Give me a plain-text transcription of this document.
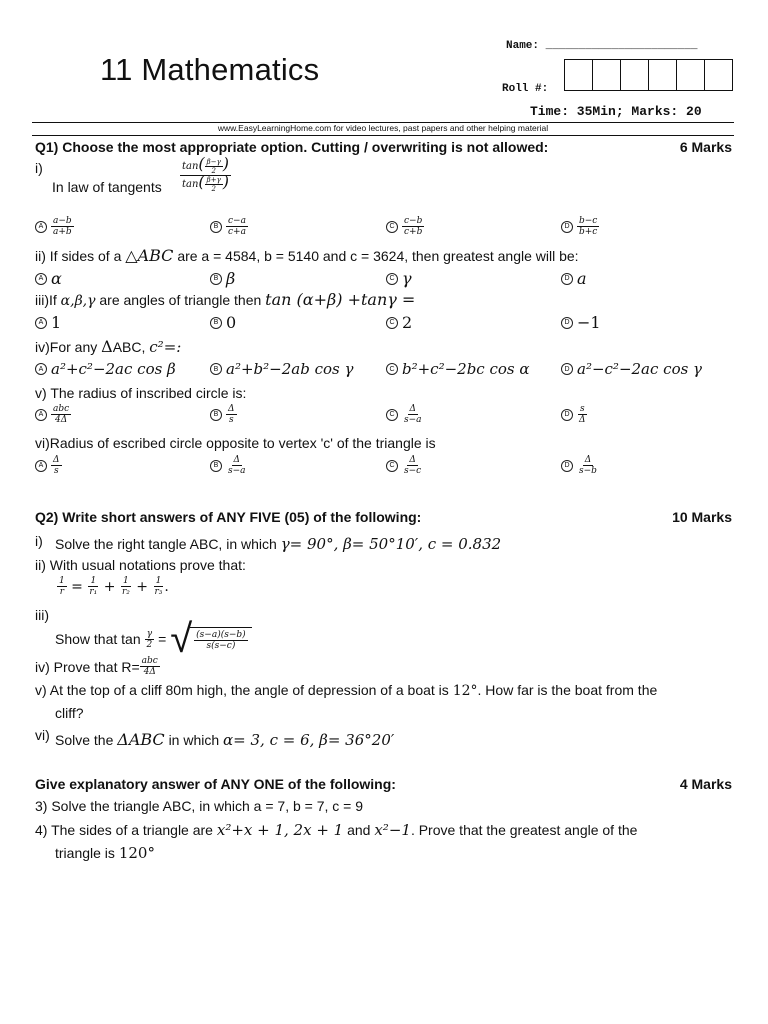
11 Mathematics
Name: _______________________
Roll #:
Time: 35Min; Marks: 20
www.EasyLearningHome.com for video lectures, past papers and other helping material
Q1) Choose the most appropriate option. Cutting / overwriting is not allowed:	6 Marks
i)
In law of tangents $\frac{\tan( \frac{\beta-\gamma}{2} )}{\tan( \frac{\beta+\gamma}{2} )}$
A $\frac{a-b}{a+b}$	B $\frac{c-a}{c+a}$	C $\frac{c-b}{c+b}$	D $\frac{b-c}{b+c}$
ii) If sides of a △ABC are a = 4584, b = 5140 and c = 3624, then greatest angle will be:
A α	B β	C γ	D a
iii)If α,β,γ are angles of triangle then tan (α+β) +tanγ =
A 1	B 0	C 2	D −1
iv)For any ΔABC, c²=:
A a²+c²−2ac cos β	B a²+b²−2ab cos γ	C b²+c²−2bc cos α	D a²−c²−2ac cos γ
v) The radius of inscribed circle is:
A $\frac{\text{abc}}{4\Delta}$	B $\frac{\Delta}{s}$	C $\frac{\Delta}{s-a}$	D $\frac{s}{\Delta}$
vi)Radius of escribed circle opposite to vertex 'c' of the triangle is
A $\frac{\Delta}{s}$	B $\frac{\Delta}{s-a}$	C $\frac{\Delta}{s-c}$	D $\frac{\Delta}{s-b}$
Q2) Write short answers of ANY FIVE (05) of the following:	10 Marks
i) Solve the right tangle ABC, in which γ= 90°, β= 50°10′, c = 0.832
ii) With usual notations prove that:
$\frac{1}{r} = \frac{1}{\text{r₁}} + \frac{1}{\text{r₂}} + \frac{1}{\text{r₃}}$ .
iii)
Show that tan
$\frac{\gamma}{2}$ = √ $\frac{(s-a)(s-b)}{s(s-c)}$
iv)
Prove that $R= \frac{\text{abc}}{4\Delta}$
v) At the top of a cliff 80m high, the angle of depression of a boat is 12°. How far is the boat from the
cliff?
vi) Solve the ΔABC in which α= 3, c = 6, β= 36°20′
Give explanatory answer of ANY ONE of the following:	4 Marks
3) Solve the triangle ABC, in which a = 7, b = 7, c = 9
4) The sides of a triangle are x²+x + 1, 2x + 1 and x²−1. Prove that the greatest angle of the
triangle is 120°
